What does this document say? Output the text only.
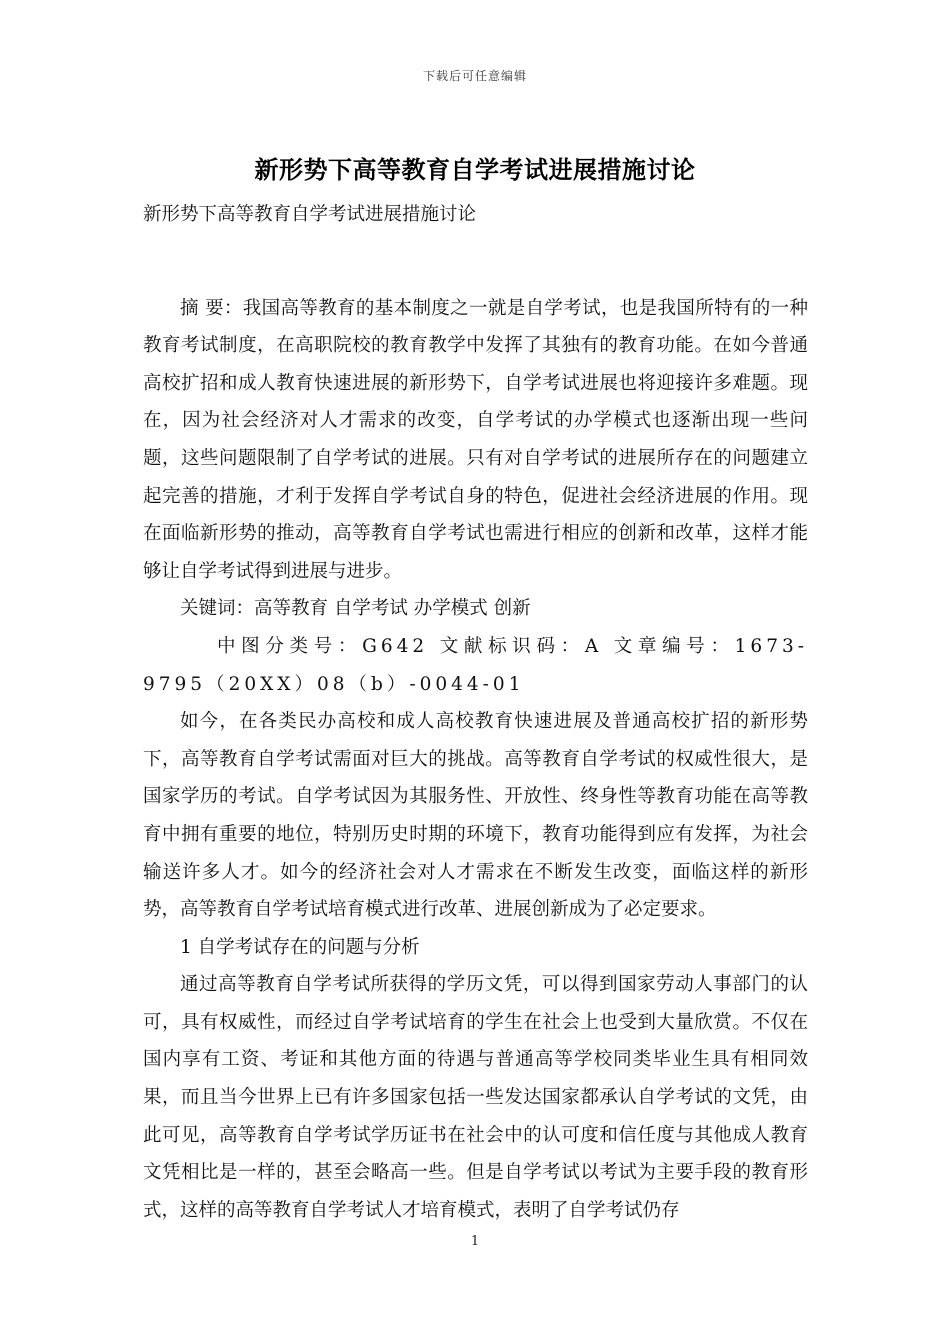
下载后可任意编辑
新形势下高等教育自学考试进展措施讨论

新形势下高等教育自学考试进展措施讨论

摘 要：我国高等教育的基本制度之一就是自学考试，也是我国所特有的一种教育考试制度，在高职院校的教育教学中发挥了其独有的教育功能。在如今普通高校扩招和成人教育快速进展的新形势下，自学考试进展也将迎接许多难题。现在，因为社会经济对人才需求的改变，自学考试的办学模式也逐渐出现一些问题，这些问题限制了自学考试的进展。只有对自学考试的进展所存在的问题建立起完善的措施，才利于发挥自学考试自身的特色，促进社会经济进展的作用。现在面临新形势的推动，高等教育自学考试也需进行相应的创新和改革，这样才能够让自学考试得到进展与进步。

关键词：高等教育 自学考试 办学模式 创新

中图分类号：G642 文献标识码：A 文章编号：1673-9795（20XX）08（b）-0044-01

如今，在各类民办高校和成人高校教育快速进展及普通高校扩招的新形势下，高等教育自学考试需面对巨大的挑战。高等教育自学考试的权威性很大，是国家学历的考试。自学考试因为其服务性、开放性、终身性等教育功能在高等教育中拥有重要的地位，特别历史时期的环境下，教育功能得到应有发挥，为社会输送许多人才。如今的经济社会对人才需求在不断发生改变，面临这样的新形势，高等教育自学考试培育模式进行改革、进展创新成为了必定要求。

1 自学考试存在的问题与分析

通过高等教育自学考试所获得的学历文凭，可以得到国家劳动人事部门的认可，具有权威性，而经过自学考试培育的学生在社会上也受到大量欣赏。不仅在国内享有工资、考证和其他方面的待遇与普通高等学校同类毕业生具有相同效果，而且当今世界上已有许多国家包括一些发达国家都承认自学考试的文凭，由此可见，高等教育自学考试学历证书在社会中的认可度和信任度与其他成人教育文凭相比是一样的，甚至会略高一些。但是自学考试以考试为主要手段的教育形式，这样的高等教育自学考试人才培育模式，表明了自学考试仍存

1
